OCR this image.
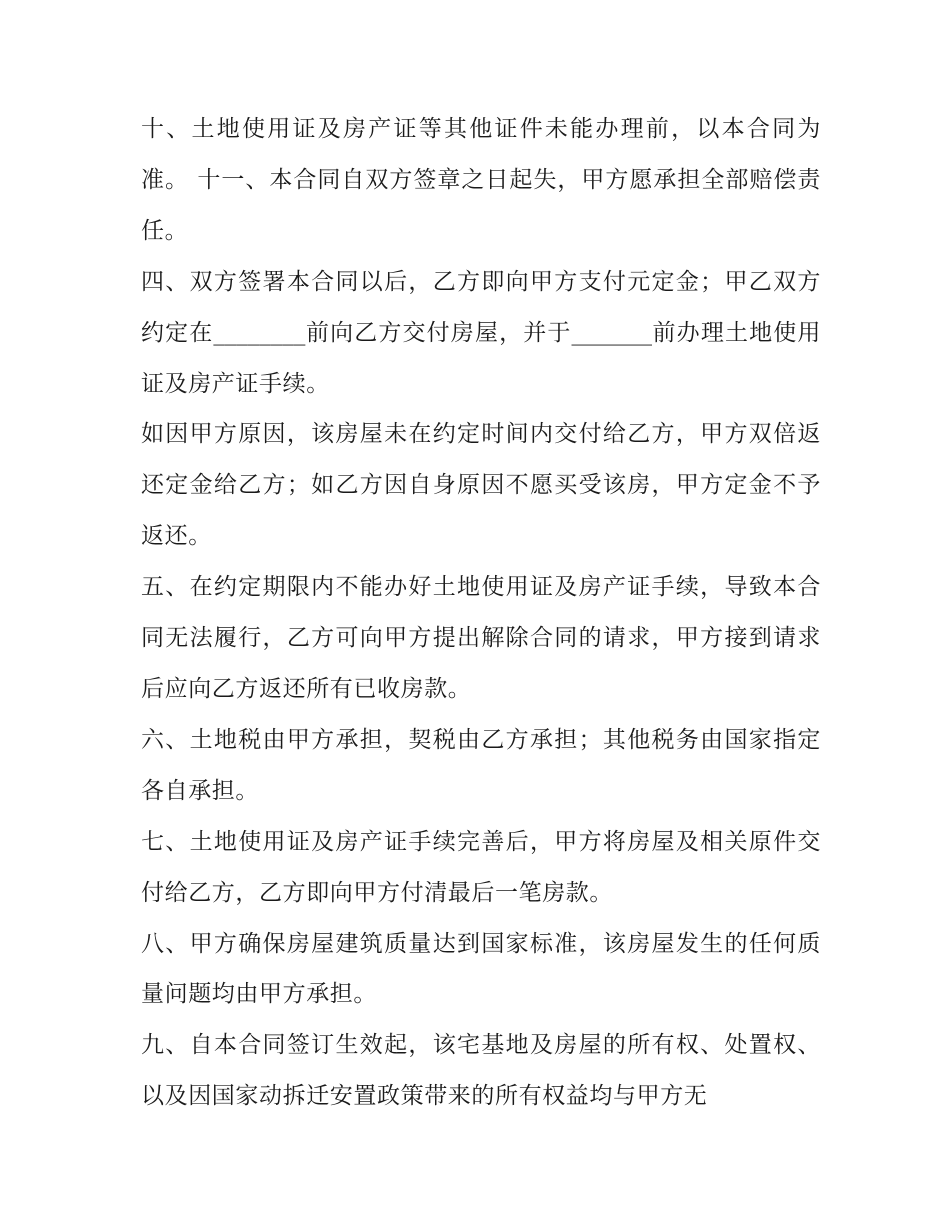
十、土地使用证及房产证等其他证件未能办理前，以本合同为准。 十一、本合同自双方签章之日起失，甲方愿承担全部赔偿责任。

四、双方签署本合同以后，乙方即向甲方支付元定金；甲乙双方约定在________前向乙方交付房屋，并于_______前办理土地使用证及房产证手续。

如因甲方原因，该房屋未在约定时间内交付给乙方，甲方双倍返还定金给乙方；如乙方因自身原因不愿买受该房，甲方定金不予返还。

五、在约定期限内不能办好土地使用证及房产证手续，导致本合同无法履行，乙方可向甲方提出解除合同的请求，甲方接到请求后应向乙方返还所有已收房款。

六、土地税由甲方承担，契税由乙方承担；其他税务由国家指定各自承担。

七、土地使用证及房产证手续完善后，甲方将房屋及相关原件交付给乙方，乙方即向甲方付清最后一笔房款。

八、甲方确保房屋建筑质量达到国家标准，该房屋发生的任何质量问题均由甲方承担。

九、自本合同签订生效起，该宅基地及房屋的所有权、处置权、以及因国家动拆迁安置政策带来的所有权益均与甲方无
